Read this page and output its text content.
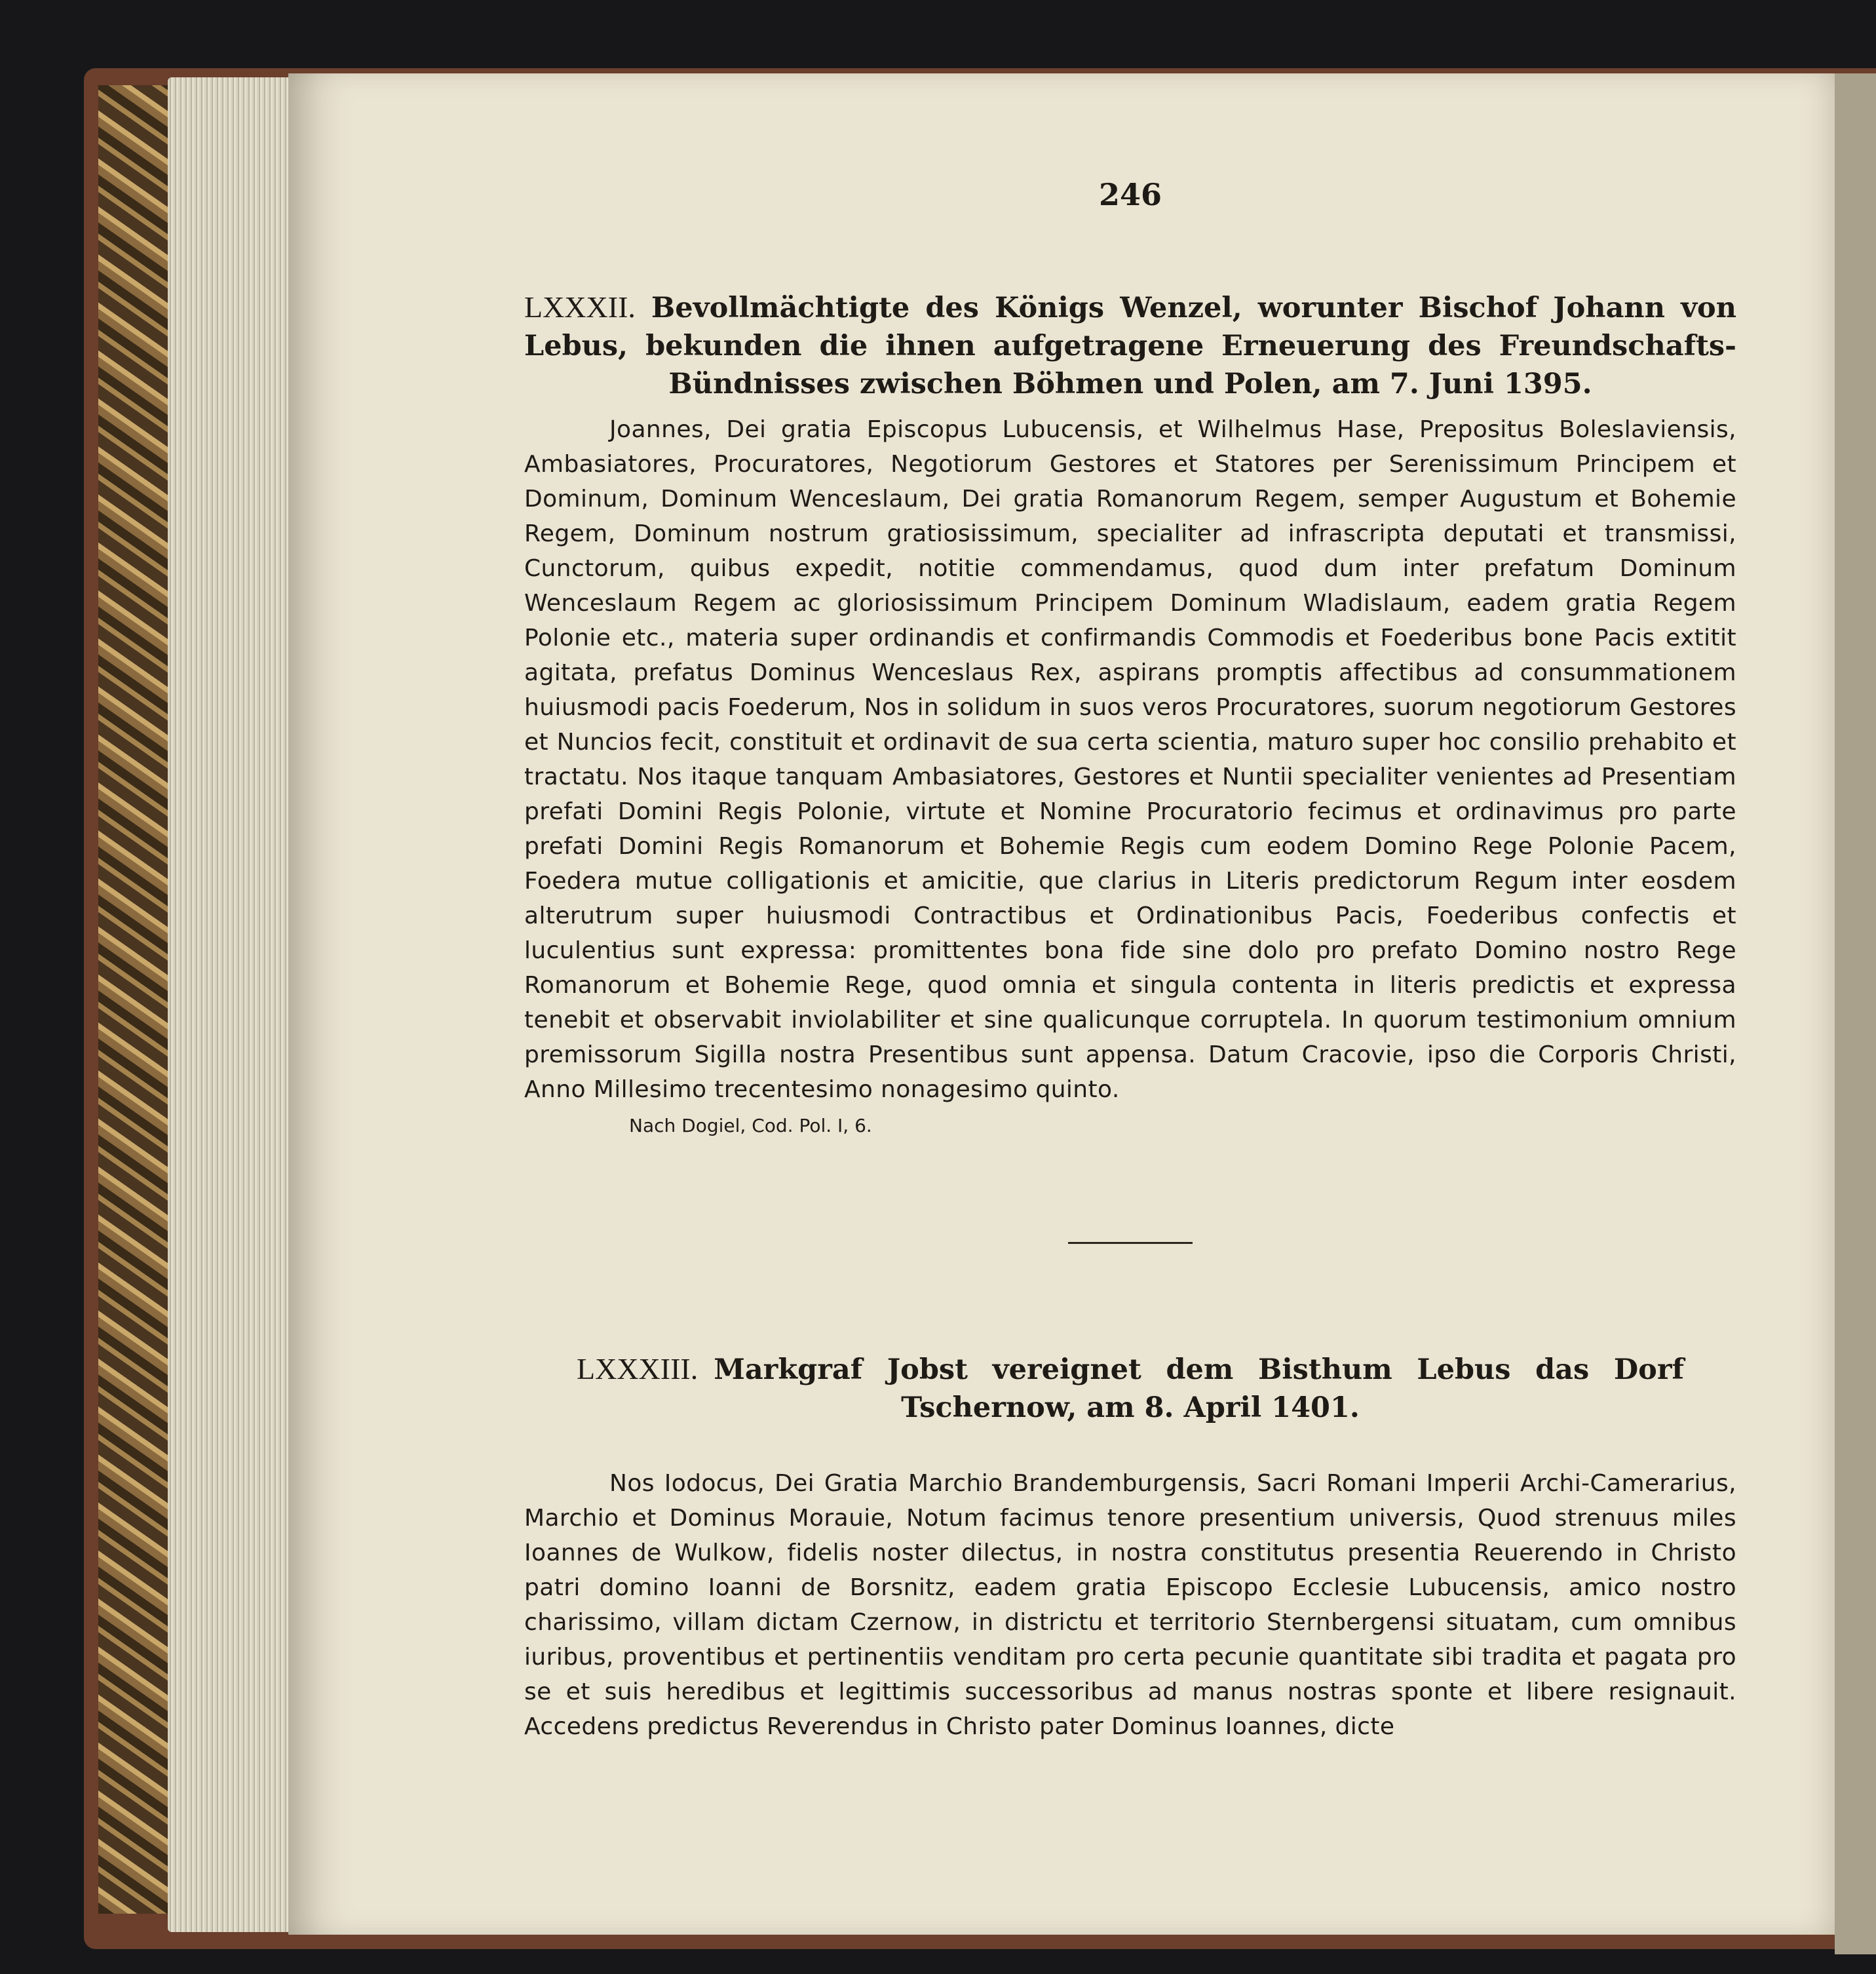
246
LXXXII. Bevollmächtigte des Königs Wenzel, worunter Bischof Johann von Lebus, bekunden die ihnen aufgetragene Erneuerung des Freundschafts-Bündnisses zwischen Böhmen und Polen, am 7. Juni 1395.
Joannes, Dei gratia Episcopus Lubucensis, et Wilhelmus Hase, Prepositus Boleslaviensis, Ambasiatores, Procuratores, Negotiorum Gestores et Statores per Serenissimum Principem et Dominum, Dominum Wenceslaum, Dei gratia Romanorum Regem, semper Augustum et Bohemie Regem, Dominum nostrum gratiosissimum, specialiter ad infrascripta deputati et transmissi, Cunctorum, quibus expedit, notitie commendamus, quod dum inter prefatum Dominum Wenceslaum Regem ac gloriosissimum Principem Dominum Wladislaum, eadem gratia Regem Polonie etc., materia super ordinandis et confirmandis Commodis et Foederibus bone Pacis extitit agitata, prefatus Dominus Wenceslaus Rex, aspirans promptis affectibus ad consummationem huiusmodi pacis Foederum, Nos in solidum in suos veros Procuratores, suorum negotiorum Gestores et Nuncios fecit, constituit et ordinavit de sua certa scientia, maturo super hoc consilio prehabito et tractatu. Nos itaque tanquam Ambasiatores, Gestores et Nuntii specialiter venientes ad Presentiam prefati Domini Regis Polonie, virtute et Nomine Procuratorio fecimus et ordinavimus pro parte prefati Domini Regis Romanorum et Bohemie Regis cum eodem Domino Rege Polonie Pacem, Foedera mutue colligationis et amicitie, que clarius in Literis predictorum Regum inter eosdem alterutrum super huiusmodi Contractibus et Ordinationibus Pacis, Foederibus confectis et luculentius sunt expressa: promittentes bona fide sine dolo pro prefato Domino nostro Rege Romanorum et Bohemie Rege, quod omnia et singula contenta in literis predictis et expressa tenebit et observabit inviolabiliter et sine qualicunque corruptela. In quorum testimonium omnium premissorum Sigilla nostra Presentibus sunt appensa. Datum Cracovie, ipso die Corporis Christi, Anno Millesimo trecentesimo nonagesimo quinto.
Nach Dogiel, Cod. Pol. I, 6.
LXXXIII. Markgraf Jobst vereignet dem Bisthum Lebus das Dorf Tschernow, am 8. April 1401.
Nos Iodocus, Dei Gratia Marchio Brandemburgensis, Sacri Romani Imperii Archi-Camerarius, Marchio et Dominus Morauie, Notum facimus tenore presentium universis, Quod strenuus miles Ioannes de Wulkow, fidelis noster dilectus, in nostra constitutus presentia Reuerendo in Christo patri domino Ioanni de Borsnitz, eadem gratia Episcopo Ecclesie Lubucensis, amico nostro charissimo, villam dictam Czernow, in districtu et territorio Sternbergensi situatam, cum omnibus iuribus, proventibus et pertinentiis venditam pro certa pecunie quantitate sibi tradita et pagata pro se et suis heredibus et legittimis successoribus ad manus nostras sponte et libere resignauit. Accedens predictus Reverendus in Christo pater Dominus Ioannes, dicte
